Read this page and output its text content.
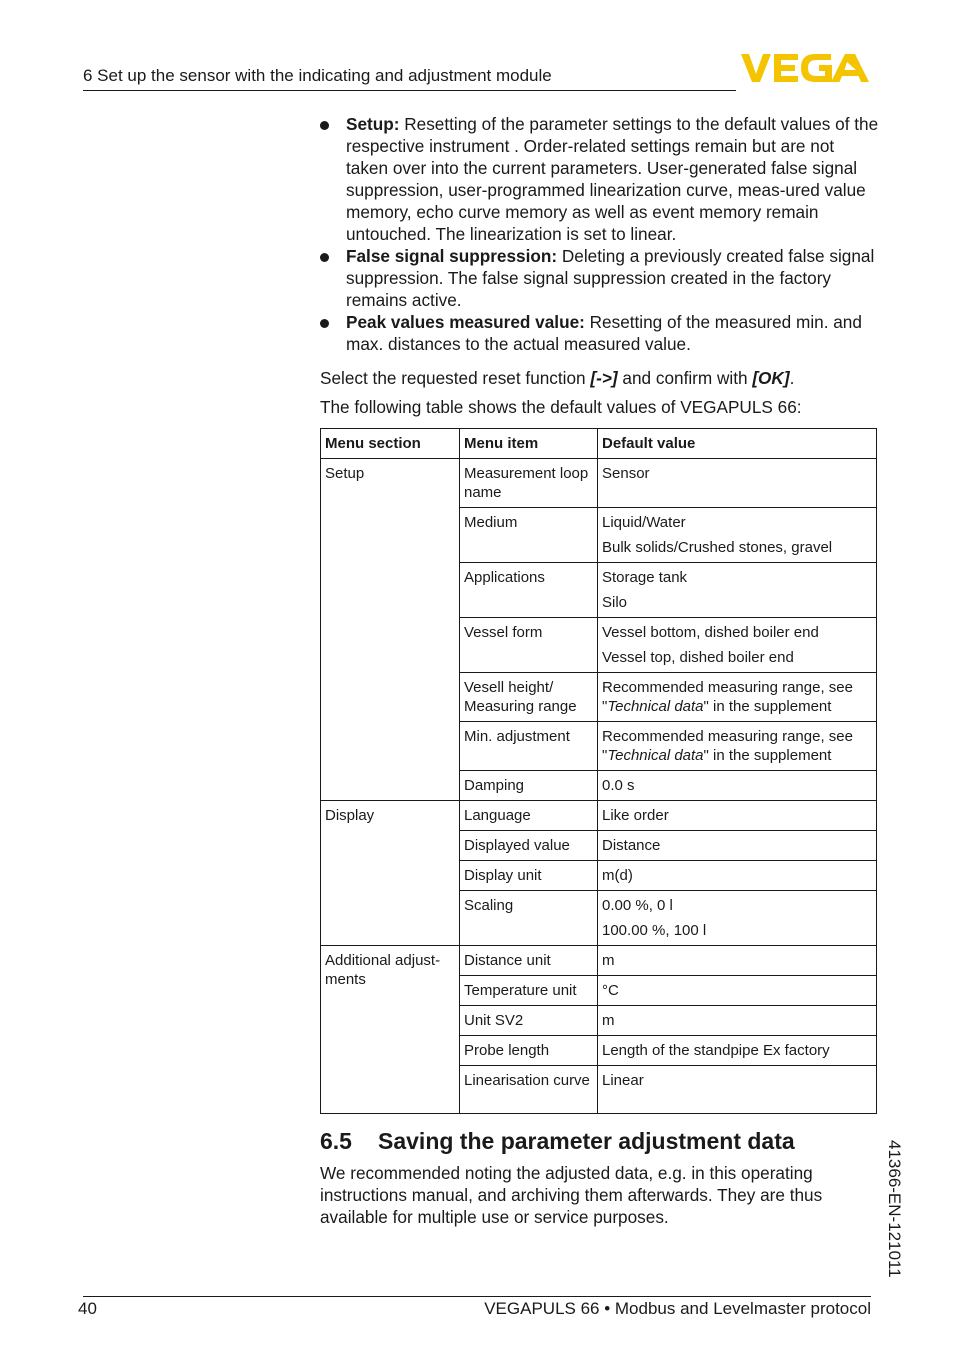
6 Set up the sensor with the indicating and adjustment module
Setup: Resetting of the parameter settings to the default values of the respective instrument . Order-related settings remain but are not taken over into the current parameters. User-generated false signal suppression, user-programmed linearization curve, meas-ured value memory, echo curve memory as well as event memory remain untouched. The linearization is set to linear.
False signal suppression: Deleting a previously created false signal suppression. The false signal suppression created in the factory remains active.
Peak values measured value: Resetting of the measured min. and max. distances to the actual measured value.
Select the requested reset function [->] and confirm with [OK].
The following table shows the default values of VEGAPULS 66:
Menu section	Menu item	Default value
Setup	Measurement loop name	Sensor
	Medium	Liquid/Water
Bulk solids/Crushed stones, gravel

	Applications	Storage tank
Silo

	Vessel form	Vessel bottom, dished boiler end
Vessel top, dished boiler end

	Vesell height/ Measuring range	Recommended measuring range, see "Technical data" in the supplement
	Min. adjustment	Recommended measuring range, see "Technical data" in the supplement
	Damping	0.0 s
Display	Language	Like order
	Displayed value	Distance
	Display unit	m(d)
	Scaling	0.00 %, 0 l
100.00 %, 100 l

Additional adjust-ments	Distance unit	m
	Temperature unit	°C
	Unit SV2	m
	Probe length	Length of the standpipe Ex factory
	Linearisation curve	Linear
6.5 Saving the parameter adjustment data
We recommended noting the adjusted data, e.g. in this operating instructions manual, and archiving them afterwards. They are thus available for multiple use or service purposes.	41366-EN-121011
40	VEGAPULS 66 • Modbus and Levelmaster protocol
